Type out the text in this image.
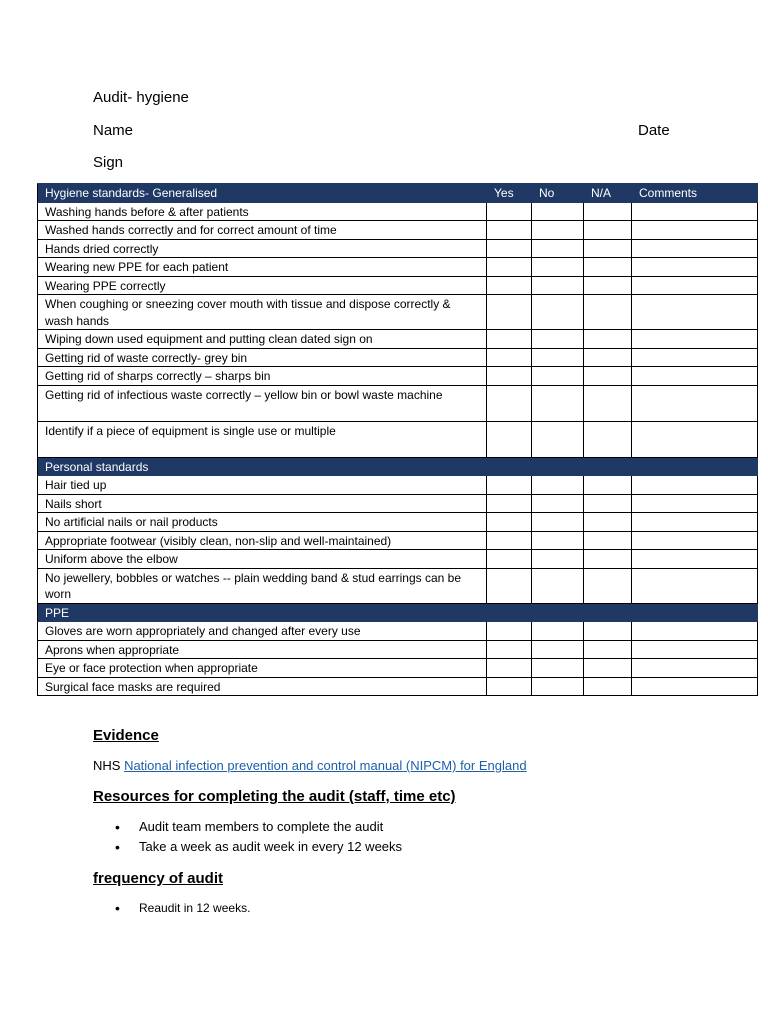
Audit- hygiene
Name	Date
Sign
Hygiene standards- Generalised	Yes	No	N/A	Comments
Washing hands before & after patients				
Washed hands correctly and for correct amount of time				
Hands dried correctly				
Wearing new PPE for each patient				
Wearing PPE correctly				
When coughing or sneezing cover mouth with tissue and dispose correctly & wash hands				
Wiping down used equipment and putting clean dated sign on				
Getting rid of waste correctly- grey bin				
Getting rid of sharps correctly – sharps bin				
Getting rid of infectious waste correctly – yellow bin or bowl waste machine				
Identify if a piece of equipment is single use or multiple				
Personal standards				
Hair tied up				
Nails short				
No artificial nails or nail products				
Appropriate footwear (visibly clean, non-slip and well-maintained)				
Uniform above the elbow				
No jewellery, bobbles or watches -- plain wedding band & stud earrings can be worn				
PPE				
Gloves are worn appropriately and changed after every use				
Aprons when appropriate				
Eye or face protection when appropriate				
Surgical face masks are required				
Evidence
NHS National infection prevention and control manual (NIPCM) for England
Resources for completing the audit (staff, time etc)
• Audit team members to complete the audit
• Take a week as audit week in every 12 weeks
frequency of audit
• Reaudit in 12 weeks.
